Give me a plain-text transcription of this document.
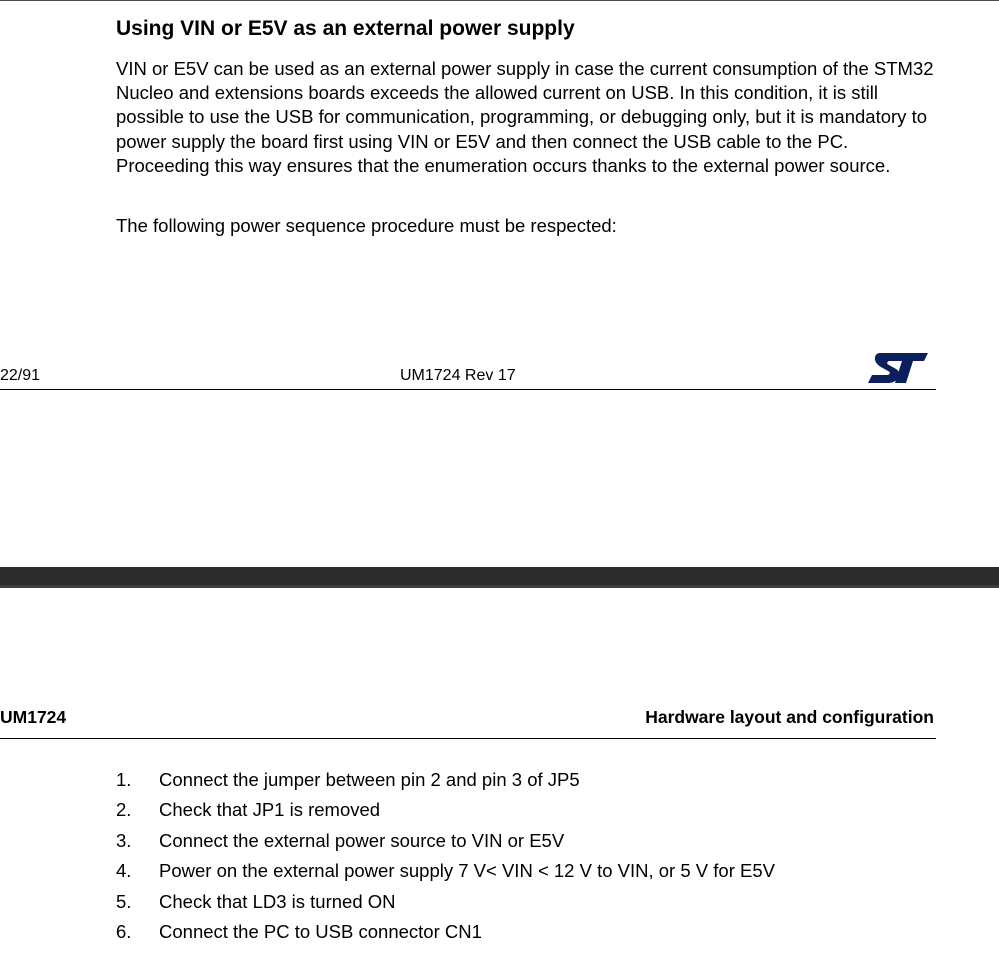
Using VIN or E5V as an external power supply

VIN or E5V can be used as an external power supply in case the current consumption of the STM32 Nucleo and extensions boards exceeds the allowed current on USB. In this condition, it is still possible to use the USB for communication, programming, or debugging only, but it is mandatory to power supply the board first using VIN or E5V and then connect the USB cable to the PC. Proceeding this way ensures that the enumeration occurs thanks to the external power source.

The following power sequence procedure must be respected:

22/91	UM1724 Rev 17
UM1724	Hardware layout and configuration
1.	Connect the jumper between pin 2 and pin 3 of JP5
2.	Check that JP1 is removed
3.	Connect the external power source to VIN or E5V
4.	Power on the external power supply 7 V< VIN < 12 V to VIN, or 5 V for E5V
5.	Check that LD3 is turned ON
6.	Connect the PC to USB connector CN1
